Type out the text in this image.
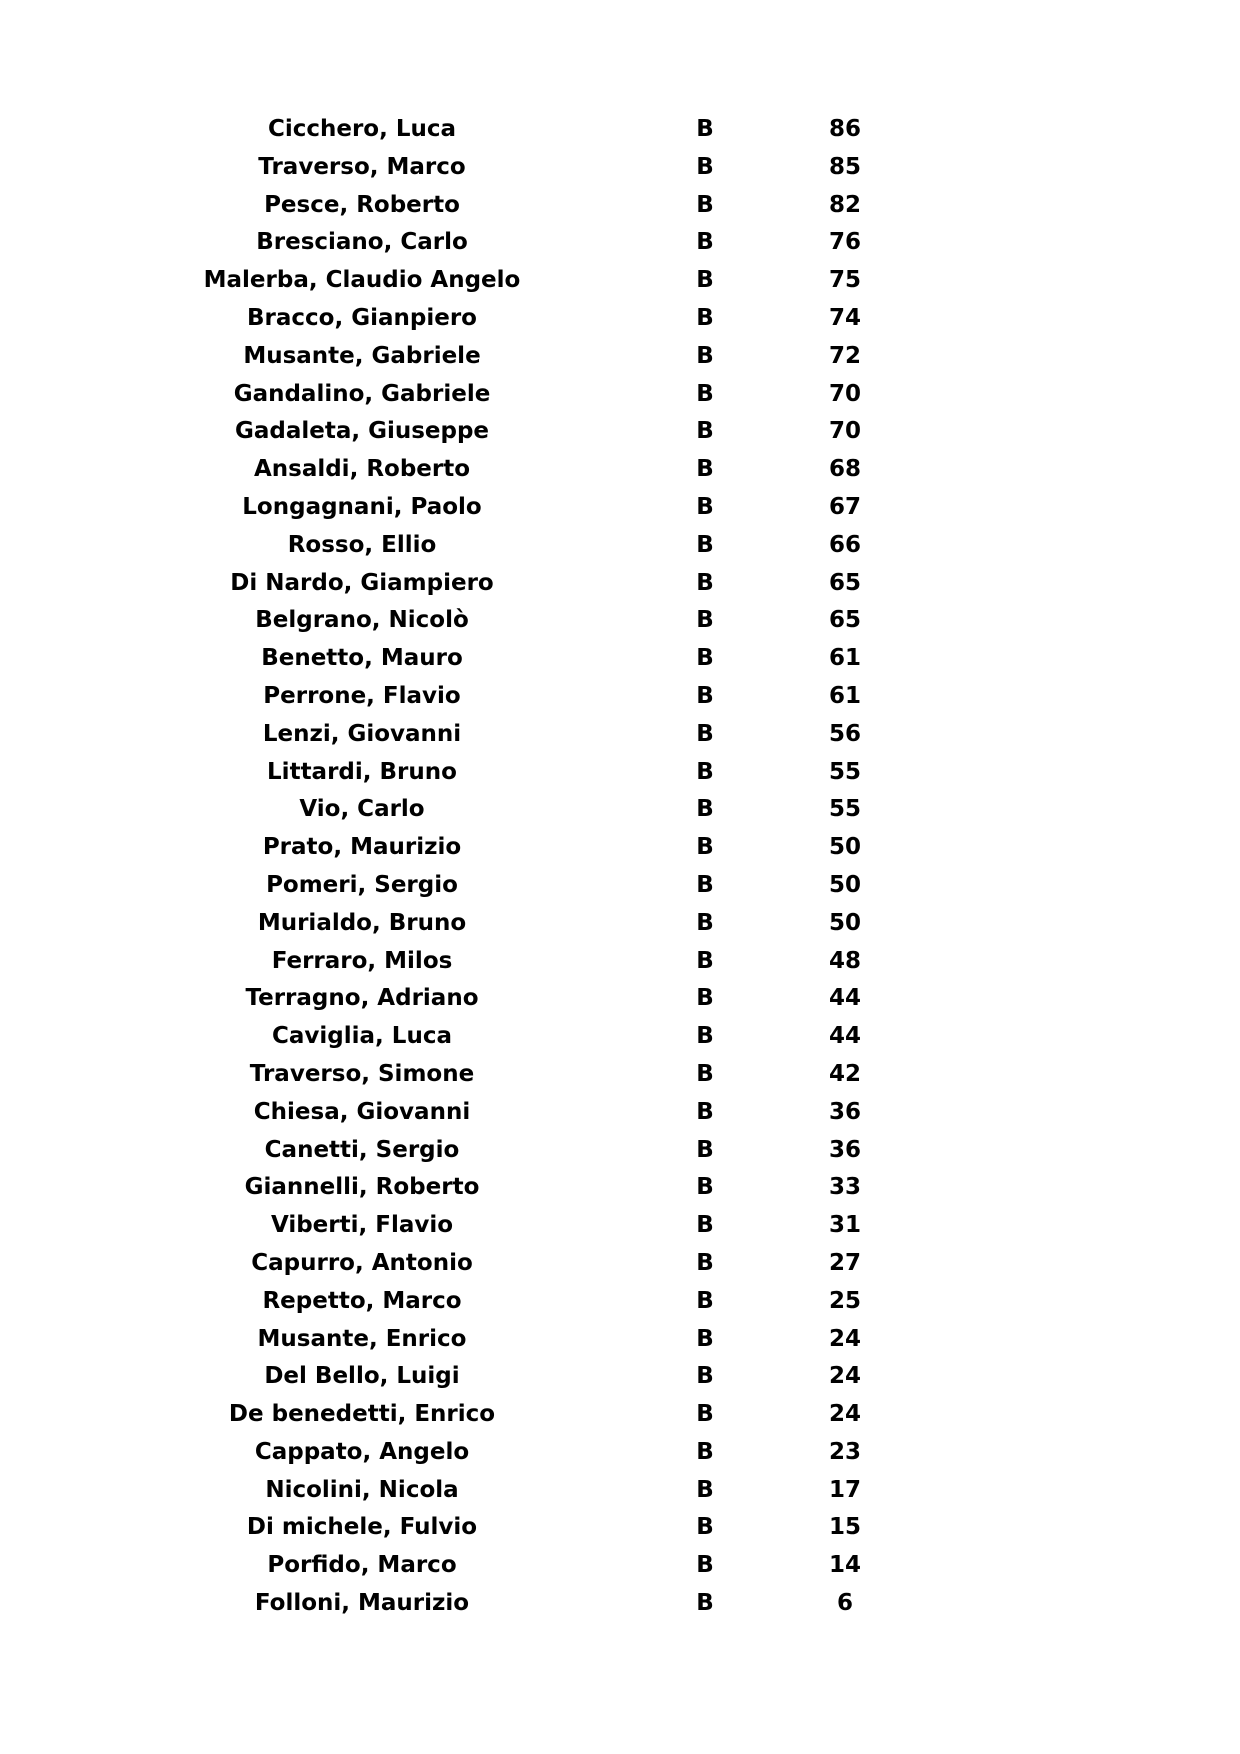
Cicchero, Luca	B	86
Traverso, Marco	B	85
Pesce, Roberto	B	82
Bresciano, Carlo	B	76
Malerba, Claudio Angelo	B	75
Bracco, Gianpiero	B	74
Musante, Gabriele	B	72
Gandalino, Gabriele	B	70
Gadaleta, Giuseppe	B	70
Ansaldi, Roberto	B	68
Longagnani, Paolo	B	67
Rosso, Ellio	B	66
Di Nardo, Giampiero	B	65
Belgrano, Nicolò	B	65
Benetto, Mauro	B	61
Perrone, Flavio	B	61
Lenzi, Giovanni	B	56
Littardi, Bruno	B	55
Vio, Carlo	B	55
Prato, Maurizio	B	50
Pomeri, Sergio	B	50
Murialdo, Bruno	B	50
Ferraro, Milos	B	48
Terragno, Adriano	B	44
Caviglia, Luca	B	44
Traverso, Simone	B	42
Chiesa, Giovanni	B	36
Canetti, Sergio	B	36
Giannelli, Roberto	B	33
Viberti, Flavio	B	31
Capurro, Antonio	B	27
Repetto, Marco	B	25
Musante, Enrico	B	24
Del Bello, Luigi	B	24
De benedetti, Enrico	B	24
Cappato, Angelo	B	23
Nicolini, Nicola	B	17
Di michele, Fulvio	B	15
Porfido, Marco	B	14
Folloni, Maurizio	B	6
